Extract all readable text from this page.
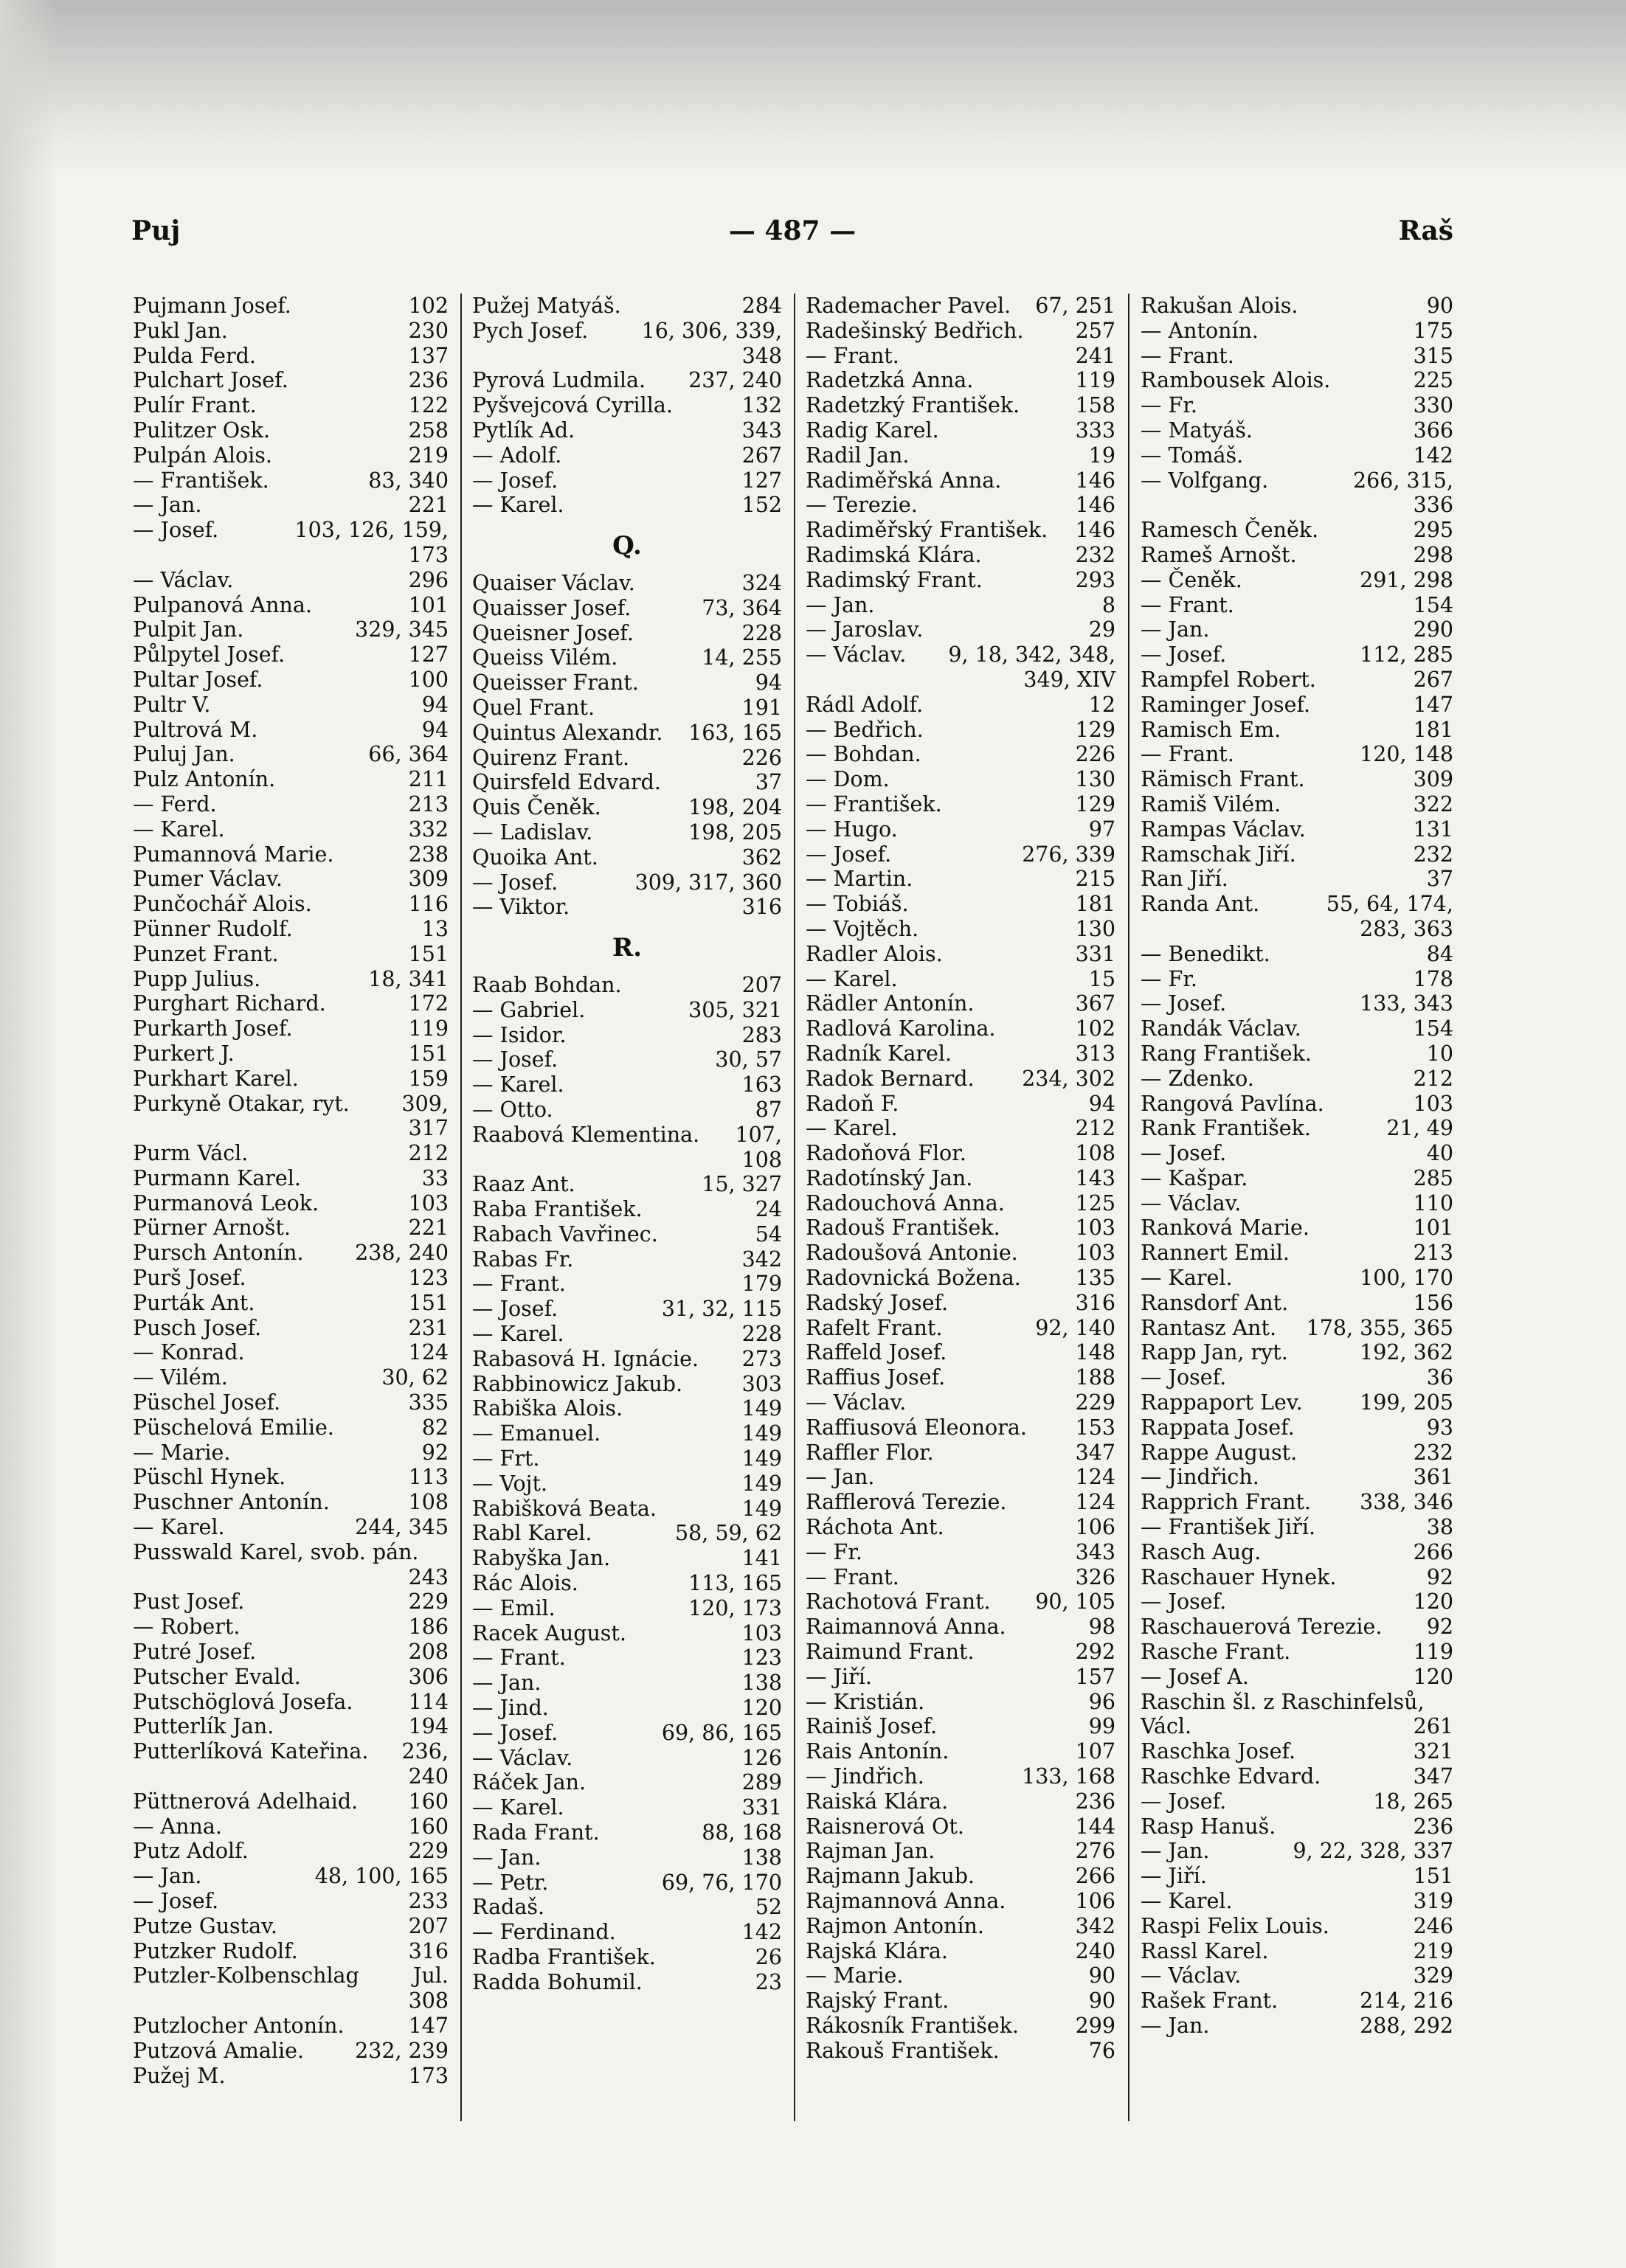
Puj	— 487 —	Raš
Pujmann Josef.	102
Pukl Jan.	230
Pulda Ferd.	137
Pulchart Josef.	236
Pulír Frant.	122
Pulitzer Osk.	258
Pulpán Alois.	219
— František.	83, 340
— Jan.	221
— Josef.	103, 126, 159,
173
— Václav.	296
Pulpanová Anna.	101
Pulpit Jan.	329, 345
Půlpytel Josef.	127
Pultar Josef.	100
Pultr V.	94
Pultrová M.	94
Puluj Jan.	66, 364
Pulz Antonín.	211
— Ferd.	213
— Karel.	332
Pumannová Marie.	238
Pumer Václav.	309
Punčochář Alois.	116
Pünner Rudolf.	13
Punzet Frant.	151
Pupp Julius.	18, 341
Purghart Richard.	172
Purkarth Josef.	119
Purkert J.	151
Purkhart Karel.	159
Purkyně Otakar, ryt. 309,
317
Purm Václ.	212
Purmann Karel.	33
Purmanová Leok.	103
Pürner Arnošt.	221
Pursch Antonín. 238, 240
Purš Josef.	123
Purták Ant.	151
Pusch Josef.	231
— Konrad.	124
— Vilém.	30, 62
Püschel Josef.	335
Püschelová Emilie.	82
— Marie.	92
Püschl Hynek.	113
Puschner Antonín.	108
— Karel.	244, 345
Pusswald Karel, svob. pán.
243
Pust Josef.	229
— Robert.	186
Putré Josef.	208
Putscher Evald.	306
Putschöglová Josefa.	114
Putterlík Jan.	194
Putterlíková Kateřina. 236,
240
Püttnerová Adelhaid. 160
— Anna.	160
Putz Adolf.	229
— Jan.	48, 100, 165
— Josef.	233
Putze Gustav.	207
Putzker Rudolf.	316
Putzler-Kolbenschlag	Jul.
308
Putzlocher Antonín.	147
Putzová Amalie. 232, 239
Pužej M.	173
Pužej Matyáš.	284
Pych Josef.	16, 306, 339,
348
Pyrová Ludmila. 237, 240
Pyšvejcová Cyrilla.	132
Pytlík Ad.	343
— Adolf.	267
— Josef.	127
— Karel.	152
Q.
Quaiser Václav.	324
Quaisser Josef.	73, 364
Queisner Josef.	228
Queiss Vilém.	14, 255
Queisser Frant.	94
Quel Frant.	191
Quintus Alexandr. 163, 165
Quirenz Frant.	226
Quirsfeld Edvard.	37
Quis Čeněk.	198, 204
— Ladislav.	198, 205
Quoika Ant.	362
— Josef.	309, 317, 360
— Viktor.	316
R.
Raab Bohdan.	207
— Gabriel.	305, 321
— Isidor.	283
— Josef.	30, 57
— Karel.	163
— Otto.	87
Raabová Klementina. 107,
108
Raaz Ant.	15, 327
Raba František.	24
Rabach Vavřinec.	54
Rabas Fr.	342
— Frant.	179
— Josef.	31, 32, 115
— Karel.	228
Rabasová H. Ignácie. 273
Rabbinowicz Jakub.	303
Rabiška Alois.	149
— Emanuel.	149
— Frt.	149
— Vojt.	149
Rabišková Beata.	149
Rabl Karel.	58, 59, 62
Rabyška Jan.	141
Rác Alois.	113, 165
— Emil.	120, 173
Racek August.	103
— Frant.	123
— Jan.	138
— Jind.	120
— Josef.	69, 86, 165
— Václav.	126
Ráček Jan.	289
— Karel.	331
Rada Frant.	88, 168
— Jan.	138
— Petr.	69, 76, 170
Radaš.	52
— Ferdinand.	142
Radba František.	26
Radda Bohumil.	23
Rademacher Pavel. 67, 251
Radešinský Bedřich. 257
— Frant.	241
Radetzká Anna.	119
Radetzký František.	158
Radig Karel.	333
Radil Jan.	19
Radiměřská Anna.	146
— Terezie.	146
Radiměřský František. 146
Radimská Klára.	232
Radimský Frant.	293
— Jan.	8
— Jaroslav.	29
— Václav. 9, 18, 342, 348,
349, XIV
Rádl Adolf.	12
— Bedřich.	129
— Bohdan.	226
— Dom.	130
— František.	129
— Hugo.	97
— Josef.	276, 339
— Martin.	215
— Tobiáš.	181
— Vojtěch.	130
Radler Alois.	331
— Karel.	15
Rädler Antonín.	367
Radlová Karolina.	102
Radník Karel.	313
Radok Bernard. 234, 302
Radoň F.	94
— Karel.	212
Radoňová Flor.	108
Radotínský Jan.	143
Radouchová Anna.	125
Radouš František.	103
Radoušová Antonie.	103
Radovnická Božena.	135
Radský Josef.	316
Rafelt Frant.	92, 140
Raffeld Josef.	148
Raffius Josef.	188
— Václav.	229
Raffiusová Eleonora. 153
Raffler Flor.	347
— Jan.	124
Rafflerová Terezie.	124
Ráchota Ant.	106
— Fr.	343
— Frant.	326
Rachotová Frant. 90, 105
Raimannová Anna.	98
Raimund Frant.	292
— Jiří.	157
— Kristián.	96
Rainiš Josef.	99
Rais Antonín.	107
— Jindřich.	133, 168
Raiská Klára.	236
Raisnerová Ot.	144
Rajman Jan.	276
Rajmann Jakub.	266
Rajmannová Anna.	106
Rajmon Antonín.	342
Rajská Klára.	240
— Marie.	90
Rajský Frant.	90
Rákosník František.	299
Rakouš František.	76
Rakušan Alois.	90
— Antonín.	175
— Frant.	315
Rambousek Alois.	225
— Fr.	330
— Matyáš.	366
— Tomáš.	142
— Volfgang.	266, 315,
336
Ramesch Čeněk.	295
Rameš Arnošt.	298
— Čeněk.	291, 298
— Frant.	154
— Jan.	290
— Josef.	112, 285
Rampfel Robert.	267
Raminger Josef.	147
Ramisch Em.	181
— Frant.	120, 148
Rämisch Frant.	309
Ramiš Vilém.	322
Rampas Václav.	131
Ramschak Jiří.	232
Ran Jiří.	37
Randa Ant.	55, 64, 174,
283, 363
— Benedikt.	84
— Fr.	178
— Josef.	133, 343
Randák Václav.	154
Rang František.	10
— Zdenko.	212
Rangová Pavlína.	103
Rank František.	21, 49
— Josef.	40
— Kašpar.	285
— Václav.	110
Ranková Marie.	101
Rannert Emil.	213
— Karel.	100, 170
Ransdorf Ant.	156
Rantasz Ant. 178, 355, 365
Rapp Jan, ryt.	192, 362
— Josef.	36
Rappaport Lev.	199, 205
Rappata Josef.	93
Rappe August.	232
— Jindřich.	361
Rapprich Frant. 338, 346
— František Jiří.	38
Rasch Aug.	266
Raschauer Hynek.	92
— Josef.	120
Raschauerová Terezie. 92
Rasche Frant.	119
— Josef A.	120
Raschin šl. z Raschinfelsů,
Václ.	261
Raschka Josef.	321
Raschke Edvard.	347
— Josef.	18, 265
Rasp Hanuš.	236
— Jan.	9, 22, 328, 337
— Jiří.	151
— Karel.	319
Raspi Felix Louis.	246
Rassl Karel.	219
— Václav.	329
Rašek Frant.	214, 216
— Jan.	288, 292
